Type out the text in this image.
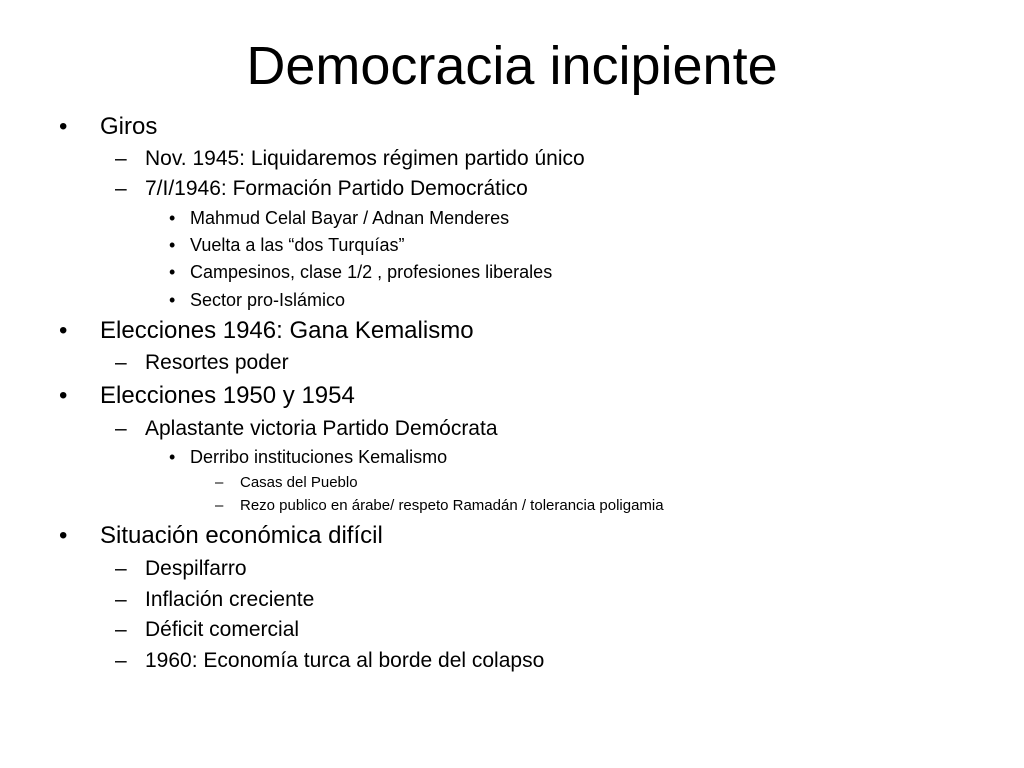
Democracia incipiente
• Giros
– Nov. 1945: Liquidaremos régimen partido único
– 7/I/1946: Formación Partido Democrático
• Mahmud Celal Bayar / Adnan Menderes
• Vuelta a las “dos Turquías”
• Campesinos, clase 1/2 , profesiones liberales
• Sector pro-Islámico
• Elecciones 1946: Gana Kemalismo
– Resortes poder
• Elecciones 1950 y 1954
– Aplastante victoria Partido Demócrata
• Derribo instituciones Kemalismo
– Casas del Pueblo
– Rezo publico en árabe/ respeto Ramadán / tolerancia poligamia
• Situación económica difícil
– Despilfarro
– Inflación creciente
– Déficit comercial
– 1960: Economía turca al borde del colapso
